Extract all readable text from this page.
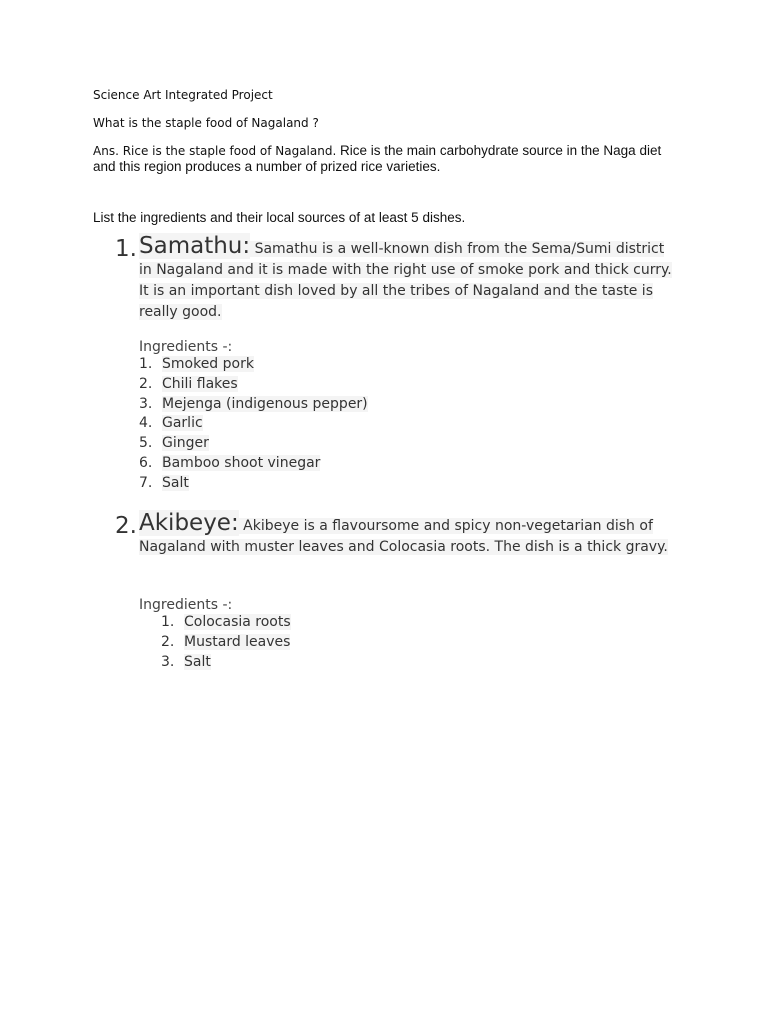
Science Art Integrated Project
What is the staple food of Nagaland ?
Ans. Rice is the staple food of Nagaland. Rice is the main carbohydrate source in the Naga diet and this region produces a number of prized rice varieties.
List the ingredients and their local sources of at least 5 dishes.
1. Samathu: Samathu is a well-known dish from the Sema/Sumi district in Nagaland and it is made with the right use of smoke pork and thick curry. It is an important dish loved by all the tribes of Nagaland and the taste is really good.

Ingredients -:

1. Smoked pork
2. Chili flakes
3. Mejenga (indigenous pepper)
4. Garlic
5. Ginger
6. Bamboo shoot vinegar
7. Salt
2. Akibeye: Akibeye is a flavoursome and spicy non-vegetarian dish of Nagaland with muster leaves and Colocasia roots. The dish is a thick gravy.

Ingredients -:

1. Colocasia roots
2. Mustard leaves
3. Salt
